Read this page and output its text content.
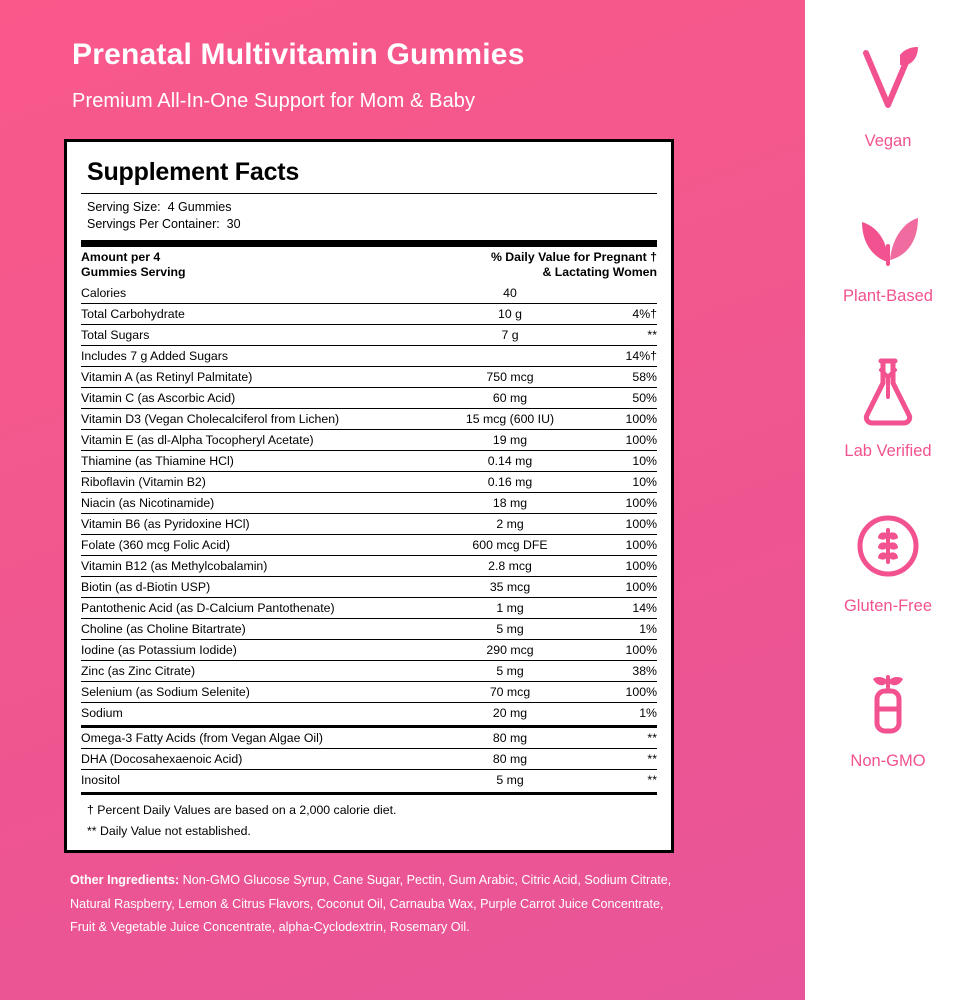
Prenatal Multivitamin Gummies
Premium All-In-One Support for Mom & Baby
Supplement Facts
Serving Size: 4 Gummies
Servings Per Container: 30
Amount per 4
Gummies Serving	% Daily Value for Pregnant †
& Lactating Women	
Calories	40	
Total Carbohydrate	10 g	4%†
Total Sugars	7 g	**
Includes 7 g Added Sugars		14%†
Vitamin A (as Retinyl Palmitate)	750 mcg	58%
Vitamin C (as Ascorbic Acid)	60 mg	50%
Vitamin D3 (Vegan Cholecalciferol from Lichen)	15 mcg (600 IU)	100%
Vitamin E (as dl-Alpha Tocopheryl Acetate)	19 mg	100%
Thiamine (as Thiamine HCl)	0.14 mg	10%
Riboflavin (Vitamin B2)	0.16 mg	10%
Niacin (as Nicotinamide)	18 mg	100%
Vitamin B6 (as Pyridoxine HCl)	2 mg	100%
Folate (360 mcg Folic Acid)	600 mcg DFE	100%
Vitamin B12 (as Methylcobalamin)	2.8 mcg	100%
Biotin (as d-Biotin USP)	35 mcg	100%
Pantothenic Acid (as D-Calcium Pantothenate)	1 mg	14%
Choline (as Choline Bitartrate)	5 mg	1%
Iodine (as Potassium Iodide)	290 mcg	100%
Zinc (as Zinc Citrate)	5 mg	38%
Selenium (as Sodium Selenite)	70 mcg	100%
Sodium	20 mg	1%
Omega-3 Fatty Acids (from Vegan Algae Oil)	80 mg	**
DHA (Docosahexaenoic Acid)	80 mg	**
Inositol	5 mg	**
† Percent Daily Values are based on a 2,000 calorie diet.
** Daily Value not established.
Other Ingredients: Non-GMO Glucose Syrup, Cane Sugar, Pectin, Gum Arabic, Citric Acid, Sodium Citrate, Natural Raspberry, Lemon & Citrus Flavors, Coconut Oil, Carnauba Wax, Purple Carrot Juice Concentrate, Fruit & Vegetable Juice Concentrate, alpha-Cyclodextrin, Rosemary Oil.
Vegan
Plant-Based
Lab Verified
Gluten-Free
Non-GMO
